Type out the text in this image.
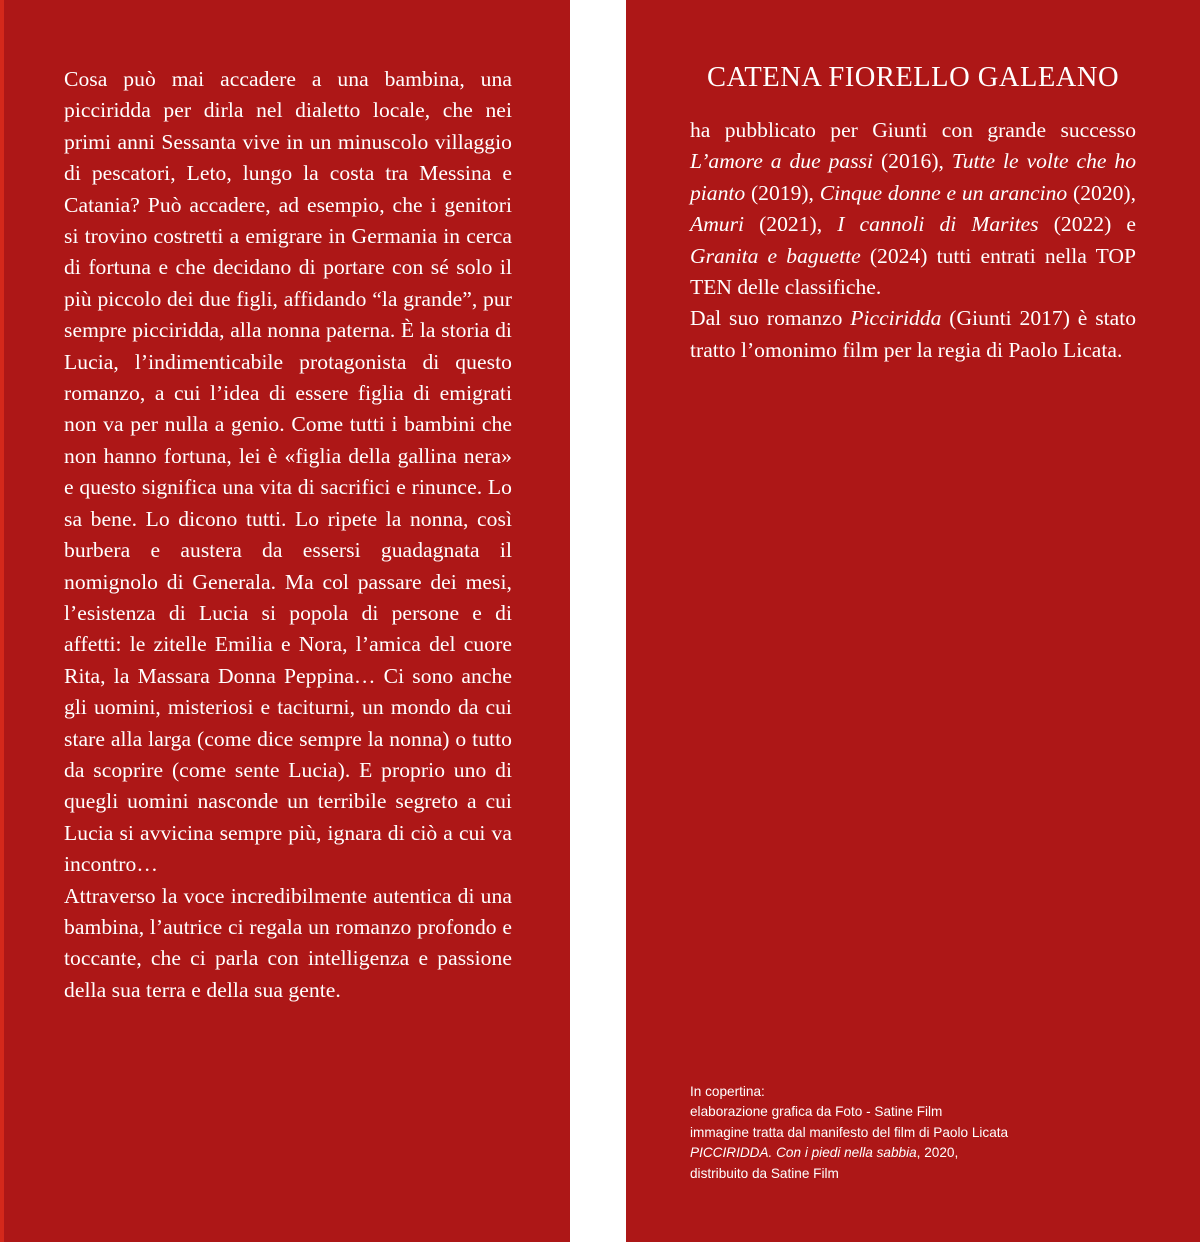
Cosa può mai accadere a una bambina, una picciridda per dirla nel dialetto locale, che nei primi anni Sessanta vive in un minuscolo villaggio di pescatori, Leto, lungo la costa tra Messina e Catania? Può accadere, ad esempio, che i genitori si trovino costretti a emigrare in Germania in cerca di fortuna e che decidano di portare con sé solo il più piccolo dei due figli, affidando “la grande”, pur sempre picciridda, alla nonna paterna. È la storia di Lucia, l’indimenticabile protagonista di questo romanzo, a cui l’idea di essere figlia di emigrati non va per nulla a genio. Come tutti i bambini che non hanno fortuna, lei è «figlia della gallina nera» e questo significa una vita di sacrifici e rinunce. Lo sa bene. Lo dicono tutti. Lo ripete la nonna, così burbera e austera da essersi guadagnata il nomignolo di Generala. Ma col passare dei mesi, l’esistenza di Lucia si popola di persone e di affetti: le zitelle Emilia e Nora, l’amica del cuore Rita, la Massara Donna Peppina… Ci sono anche gli uomini, misteriosi e taciturni, un mondo da cui stare alla larga (come dice sempre la nonna) o tutto da scoprire (come sente Lucia). E proprio uno di quegli uomini nasconde un terribile segreto a cui Lucia si avvicina sempre più, ignara di ciò a cui va incontro…

Attraverso la voce incredibilmente autentica di una bambina, l’autrice ci regala un romanzo profondo e toccante, che ci parla con intelligenza e passione della sua terra e della sua gente.

CATENA FIORELLO GALEANO

ha pubblicato per Giunti con grande successo L’amore a due passi (2016), Tutte le volte che ho pianto (2019), Cinque donne e un arancino (2020), Amuri (2021), I cannoli di Marites (2022) e Granita e baguette (2024) tutti entrati nella TOP TEN delle classifiche.

Dal suo romanzo Picciridda (Giunti 2017) è stato tratto l’omonimo film per la regia di Paolo Licata.

In copertina:
elaborazione grafica da Foto - Satine Film
immagine tratta dal manifesto del film di Paolo Licata
PICCIRIDDA. Con i piedi nella sabbia, 2020,
distribuito da Satine Film
